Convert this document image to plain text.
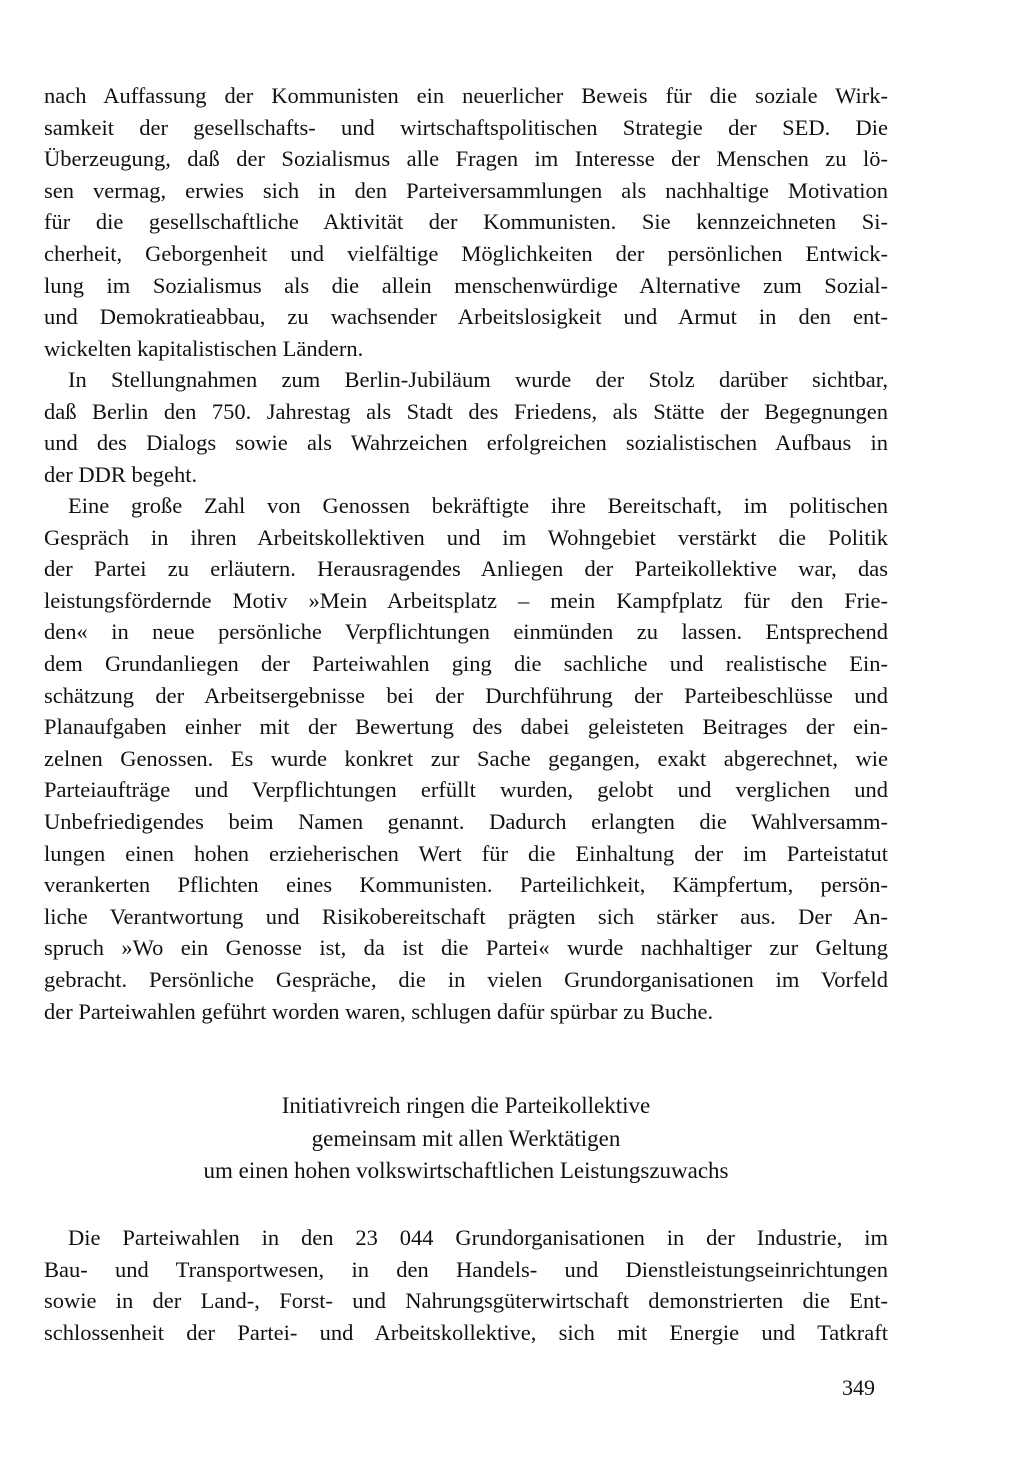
nach Auffassung der Kommunisten ein neuerlicher Beweis für die soziale Wirk-
samkeit der gesellschafts- und wirtschaftspolitischen Strategie der SED. Die
Überzeugung, daß der Sozialismus alle Fragen im Interesse der Menschen zu lö-
sen vermag, erwies sich in den Parteiversammlungen als nachhaltige Motivation
für die gesellschaftliche Aktivität der Kommunisten. Sie kennzeichneten Si-
cherheit, Geborgenheit und vielfältige Möglichkeiten der persönlichen Entwick-
lung im Sozialismus als die allein menschenwürdige Alternative zum Sozial-
und Demokratieabbau, zu wachsender Arbeitslosigkeit und Armut in den ent-
wickelten kapitalistischen Ländern.
In Stellungnahmen zum Berlin-Jubiläum wurde der Stolz darüber sichtbar,
daß Berlin den 750. Jahrestag als Stadt des Friedens, als Stätte der Begegnungen
und des Dialogs sowie als Wahrzeichen erfolgreichen sozialistischen Aufbaus in
der DDR begeht.
Eine große Zahl von Genossen bekräftigte ihre Bereitschaft, im politischen
Gespräch in ihren Arbeitskollektiven und im Wohngebiet verstärkt die Politik
der Partei zu erläutern. Herausragendes Anliegen der Parteikollektive war, das
leistungsfördernde Motiv »Mein Arbeitsplatz – mein Kampfplatz für den Frie-
den« in neue persönliche Verpflichtungen einmünden zu lassen. Entsprechend
dem Grundanliegen der Parteiwahlen ging die sachliche und realistische Ein-
schätzung der Arbeitsergebnisse bei der Durchführung der Parteibeschlüsse und
Planaufgaben einher mit der Bewertung des dabei geleisteten Beitrages der ein-
zelnen Genossen. Es wurde konkret zur Sache gegangen, exakt abgerechnet, wie
Parteiaufträge und Verpflichtungen erfüllt wurden, gelobt und verglichen und
Unbefriedigendes beim Namen genannt. Dadurch erlangten die Wahlversamm-
lungen einen hohen erzieherischen Wert für die Einhaltung der im Parteistatut
verankerten Pflichten eines Kommunisten. Parteilichkeit, Kämpfertum, persön-
liche Verantwortung und Risikobereitschaft prägten sich stärker aus. Der An-
spruch »Wo ein Genosse ist, da ist die Partei« wurde nachhaltiger zur Geltung
gebracht. Persönliche Gespräche, die in vielen Grundorganisationen im Vorfeld
der Parteiwahlen geführt worden waren, schlugen dafür spürbar zu Buche.
Initiativreich ringen die Parteikollektive
gemeinsam mit allen Werktätigen
um einen hohen volkswirtschaftlichen Leistungszuwachs
Die Parteiwahlen in den 23 044 Grundorganisationen in der Industrie, im
Bau- und Transportwesen, in den Handels- und Dienstleistungseinrichtungen
sowie in der Land-, Forst- und Nahrungsgüterwirtschaft demonstrierten die Ent-
schlossenheit der Partei- und Arbeitskollektive, sich mit Energie und Tatkraft
349
